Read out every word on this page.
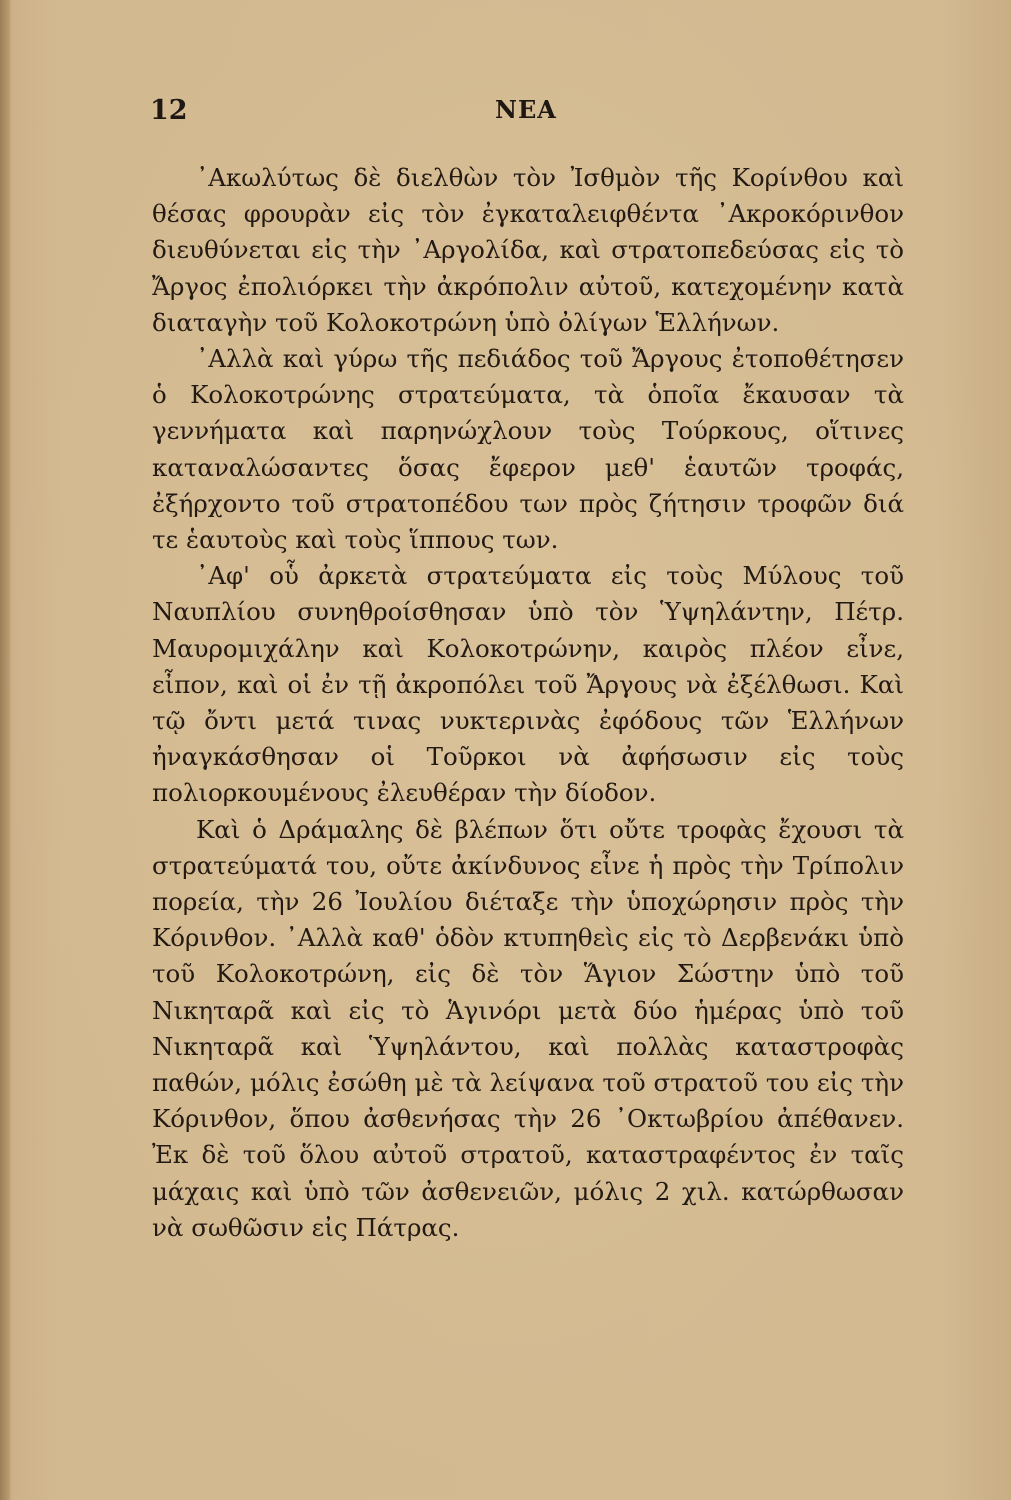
12	ΝΕΑ

᾿Ακωλύτως δὲ διελθὼν τὸν Ἰσθμὸν τῆς Κορίνθου καὶ θέσας φρουρὰν εἰς τὸν ἐγκαταλειφθέντα ᾿Ακροκόρινθον διευθύνεται εἰς τὴν ᾿Αργολίδα, καὶ στρατοπεδεύσας εἰς τὸ Ἄργος ἐπολιόρκει τὴν ἀκρόπολιν αὐτοῦ, κατεχομένην κατὰ διαταγὴν τοῦ Κολοκοτρώνη ὑπὸ ὀλίγων Ἑλλήνων.

᾿Αλλὰ καὶ γύρω τῆς πεδιάδος τοῦ Ἄργους ἐτοποθέτησεν ὁ Κολοκοτρώνης στρατεύματα, τὰ ὁποῖα ἔκαυσαν τὰ γεννήματα καὶ παρηνώχλουν τοὺς Τούρκους, οἵτινες καταναλώσαντες ὅσας ἔφερον μεθ' ἑαυτῶν τροφάς, ἐξήρχοντο τοῦ στρατοπέδου των πρὸς ζήτησιν τροφῶν διά τε ἑαυτοὺς καὶ τοὺς ἵππους των.

᾿Αφ' οὗ ἀρκετὰ στρατεύματα εἰς τοὺς Μύλους τοῦ Ναυπλίου συνηθροίσθησαν ὑπὸ τὸν Ὑψηλάντην, Πέτρ. Μαυρομιχάλην καὶ Κολοκοτρώνην, καιρὸς πλέον εἶνε, εἶπον, καὶ οἱ ἐν τῇ ἀκροπόλει τοῦ Ἄργους νὰ ἐξέλθωσι. Καὶ τῷ ὄντι μετά τινας νυκτερινὰς ἐφόδους τῶν Ἑλλήνων ἠναγκάσθησαν οἱ Τοῦρκοι νὰ ἀφήσωσιν εἰς τοὺς πολιορκουμένους ἐλευθέραν τὴν δίοδον.

Καὶ ὁ Δράμαλης δὲ βλέπων ὅτι οὔτε τροφὰς ἔχουσι τὰ στρατεύματά του, οὔτε ἀκίνδυνος εἶνε ἡ πρὸς τὴν Τρίπολιν πορεία, τὴν 26 Ἰουλίου διέταξε τὴν ὑποχώρησιν πρὸς τὴν Κόρινθον. ᾿Αλλὰ καθ' ὁδὸν κτυπηθεὶς εἰς τὸ Δερβενάκι ὑπὸ τοῦ Κολοκοτρώνη, εἰς δὲ τὸν Ἅγιον Σώστην ὑπὸ τοῦ Νικηταρᾶ καὶ εἰς τὸ Ἁγινόρι μετὰ δύο ἡμέρας ὑπὸ τοῦ Νικηταρᾶ καὶ Ὑψηλάντου, καὶ πολλὰς καταστροφὰς παθών, μόλις ἐσώθη μὲ τὰ λείψανα τοῦ στρατοῦ του εἰς τὴν Κόρινθον, ὅπου ἀσθενήσας τὴν 26 ᾿Οκτωβρίου ἀπέθανεν. Ἐκ δὲ τοῦ ὅλου αὐτοῦ στρατοῦ, καταστραφέντος ἐν ταῖς μάχαις καὶ ὑπὸ τῶν ἀσθενειῶν, μόλις 2 χιλ. κατώρθωσαν νὰ σωθῶσιν εἰς Πάτρας.
